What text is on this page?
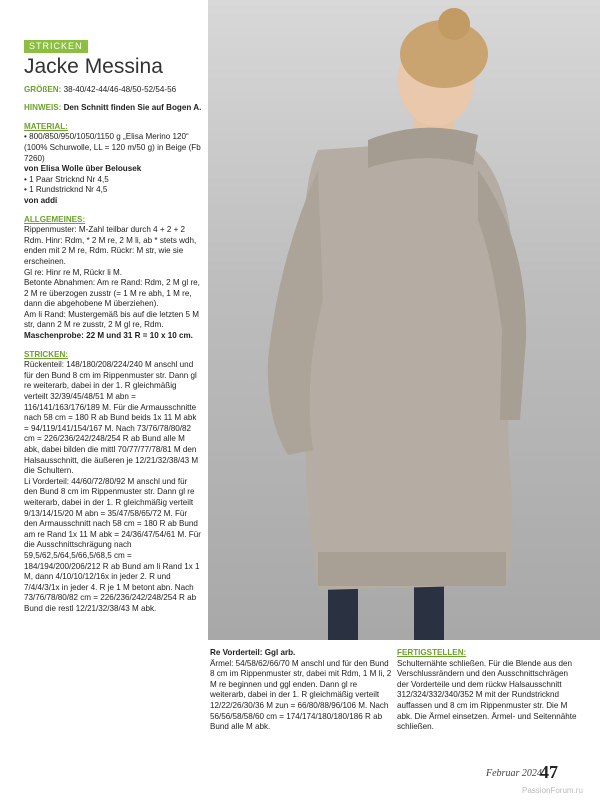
STRICKEN
Jacke Messina

GRÖßEN: 38-40/42-44/46-48/50-52/54-56

HINWEIS: Den Schnitt finden Sie auf Bogen A.

MATERIAL:

• 800/850/950/1050/1150 g „Elisa Merino 120“ (100% Schurwolle, LL = 120 m/50 g) in Beige (Fb 7260)

von Elisa Wolle über Belousek

• 1 Paar Stricknd Nr 4,5

• 1 Rundstricknd Nr 4,5

von addi

ALLGEMEINES:

Rippenmuster: M-Zahl teilbar durch 4 + 2 + 2 Rdm. Hinr: Rdm, * 2 M re, 2 M li, ab * stets wdh, enden mit 2 M re, Rdm. Rückr: M str, wie sie erscheinen.

Gl re: Hinr re M, Rückr li M.

Betonte Abnahmen: Am re Rand: Rdm, 2 M gl re, 2 M re überzogen zusstr (= 1 M re abh, 1 M re, dann die abgehobene M überziehen).

Am li Rand: Mustergemäß bis auf die letzten 5 M str, dann 2 M re zusstr, 2 M gl re, Rdm.

Maschenprobe: 22 M und 31 R = 10 x 10 cm.

STRICKEN:

Rückenteil: 148/180/208/224/240 M anschl und für den Bund 8 cm im Rippenmuster str. Dann gl re weiterarb, dabei in der 1. R gleichmäßig verteilt 32/39/45/48/51 M abn = 116/141/163/176/189 M. Für die Armausschnitte nach 58 cm = 180 R ab Bund beids 1x 11 M abk = 94/119/141/154/167 M. Nach 73/76/78/80/82 cm = 226/236/242/248/254 R ab Bund alle M abk, dabei bilden die mittl 70/77/77/78/81 M den Halsausschnitt, die äußeren je 12/21/32/38/43 M die Schultern.

Li Vorderteil: 44/60/72/80/92 M anschl und für den Bund 8 cm im Rippenmuster str. Dann gl re weiterarb, dabei in der 1. R gleichmäßig verteilt 9/13/14/15/20 M abn = 35/47/58/65/72 M. Für den Armausschnitt nach 58 cm = 180 R ab Bund am re Rand 1x 11 M abk = 24/36/47/54/61 M. Für die Ausschnittschrägung nach 59,5/62,5/64,5/66,5/68,5 cm = 184/194/200/206/212 R ab Bund am li Rand 1x 1 M, dann 4/10/10/12/16x in jeder 2. R und 7/4/4/3/1x in jeder 4. R je 1 M betont abn. Nach 73/76/78/80/82 cm = 226/236/242/248/254 R ab Bund die restl 12/21/32/38/43 M abk.

Re Vorderteil: Ggl arb.

Ärmel: 54/58/62/66/70 M anschl und für den Bund 8 cm im Rippenmuster str, dabei mit Rdm, 1 M li, 2 M re beginnen und ggl enden. Dann gl re weiterarb, dabei in der 1. R gleichmäßig verteilt 12/22/26/30/36 M zun = 66/80/88/96/106 M. Nach 56/56/58/58/60 cm = 174/174/180/180/186 R ab Bund alle M abk.

FERTIGSTELLEN:

Schulternähte schließen. Für die Blende aus den Verschlussrändern und den Ausschnittschrägen der Vorderteile und dem rückw Halsausschnitt 312/324/332/340/352 M mit der Rundstricknd auffassen und 8 cm im Rippenmuster str. Die M abk. Die Ärmel einsetzen. Ärmel- und Seitennähte schließen.

Februar 2024
47
PassionForum.ru
